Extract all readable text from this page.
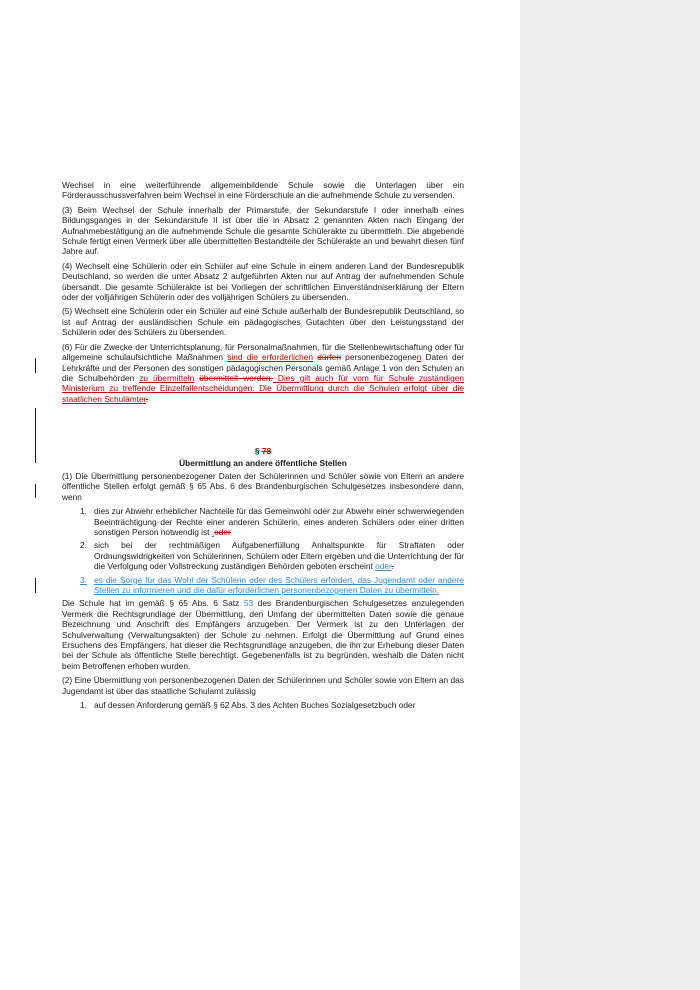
Wechsel in eine weiterführende allgemeinbildende Schule sowie die Unterlagen über ein Förderausschussverfahren beim Wechsel in eine Förderschule an die aufnehmende Schule zu versenden.

(3) Beim Wechsel der Schule innerhalb der Primarstufe, der Sekundarstufe I oder innerhalb eines Bildungsganges in der Sekundarstufe II ist über die in Absatz 2 genannten Akten nach Eingang der Aufnahmebestätigung an die aufnehmende Schule die gesamte Schülerakte zu übermitteln. Die abgebende Schule fertigt einen Vermerk über alle übermittelten Bestandteile der Schülerakte an und bewahrt diesen fünf Jahre auf.

(4) Wechselt eine Schülerin oder ein Schüler auf eine Schule in einem anderen Land der Bundesrepublik Deutschland, so werden die unter Absatz 2 aufgeführten Akten nur auf Antrag der aufnehmenden Schule übersandt. Die gesamte Schülerakte ist bei Vorliegen der schriftlichen Einverständniserklärung der Eltern oder der volljährigen Schülerin oder des volljährigen Schülers zu übersenden.

(5) Wechselt eine Schülerin oder ein Schüler auf eine Schule außerhalb der Bundesrepublik Deutschland, so ist auf Antrag der ausländischen Schule ein pädagogisches Gutachten über den Leistungsstand der Schülerin oder des Schülers zu übersenden.

(6) Für die Zwecke der Unterrichtsplanung, für Personalmaßnahmen, für die Stellenbewirtschaftung oder für allgemeine schulaufsichtliche Maßnahmen sind die erforderlichen dürfen personenbezogenen Daten der Lehrkräfte und der Personen des sonstigen pädagogischen Personals gemäß Anlage 1 von den Schulen an die Schulbehörden zu übermitteln übermittelt werden. Dies gilt auch für vom für Schule zuständigen Ministerium zu treffende Einzelfallentscheidungen. Die Übermittlung durch die Schulen erfolgt über die staatlichen Schulämter.

§ 78

Übermittlung an andere öffentliche Stellen

(1) Die Übermittlung personenbezogener Daten der Schülerinnen und Schüler sowie von Eltern an andere öffentliche Stellen erfolgt gemäß § 65 Abs. 6 des Brandenburgischen Schulgesetzes insbesondere dann, wenn

1. dies zur Abwehr erheblicher Nachteile für das Gemeinwohl oder zur Abwehr einer schwerwiegenden Beeinträchtigung der Rechte einer anderen Schülerin, eines anderen Schülers oder einer dritten sonstigen Person notwendig ist ,oder
2. sich bei der rechtmäßigen Aufgabenerfüllung Anhaltspunkte für Straftaten oder Ordnungswidrigkeiten von Schülerinnen, Schülern oder Eltern ergeben und die Unterrichtung der für die Verfolgung oder Vollstreckung zuständigen Behörden geboten erscheint oder.
3. es die Sorge für das Wohl der Schülerin oder des Schülers erfordert, das Jugendamt oder andere Stellen zu informieren und die dafür erforderlichen personenbezogenen Daten zu übermitteln.

Die Schule hat im gemäß § 65 Abs. 6 Satz 53 des Brandenburgischen Schulgesetzes anzulegenden Vermerk die Rechtsgrundlage der Übermittlung, den Umfang der übermittelten Daten sowie die genaue Bezeichnung und Anschrift des Empfängers anzugeben. Der Vermerk ist zu den Unterlagen der Schulverwaltung (Verwaltungsakten) der Schule zu nehmen. Erfolgt die Übermittlung auf Grund eines Ersuchens des Empfängers, hat dieser die Rechtsgrundlage anzugeben, die ihn zur Erhebung dieser Daten bei der Schule als öffentliche Stelle berechtigt. Gegebenenfalls ist zu begründen, weshalb die Daten nicht beim Betroffenen erhoben wurden.

(2) Eine Übermittlung von personenbezogenen Daten der Schülerinnen und Schüler sowie von Eltern an das Jugendamt ist über das staatliche Schulamt zulässig

1. auf dessen Anforderung gemäß § 62 Abs. 3 des Achten Buches Sozialgesetzbuch oder
